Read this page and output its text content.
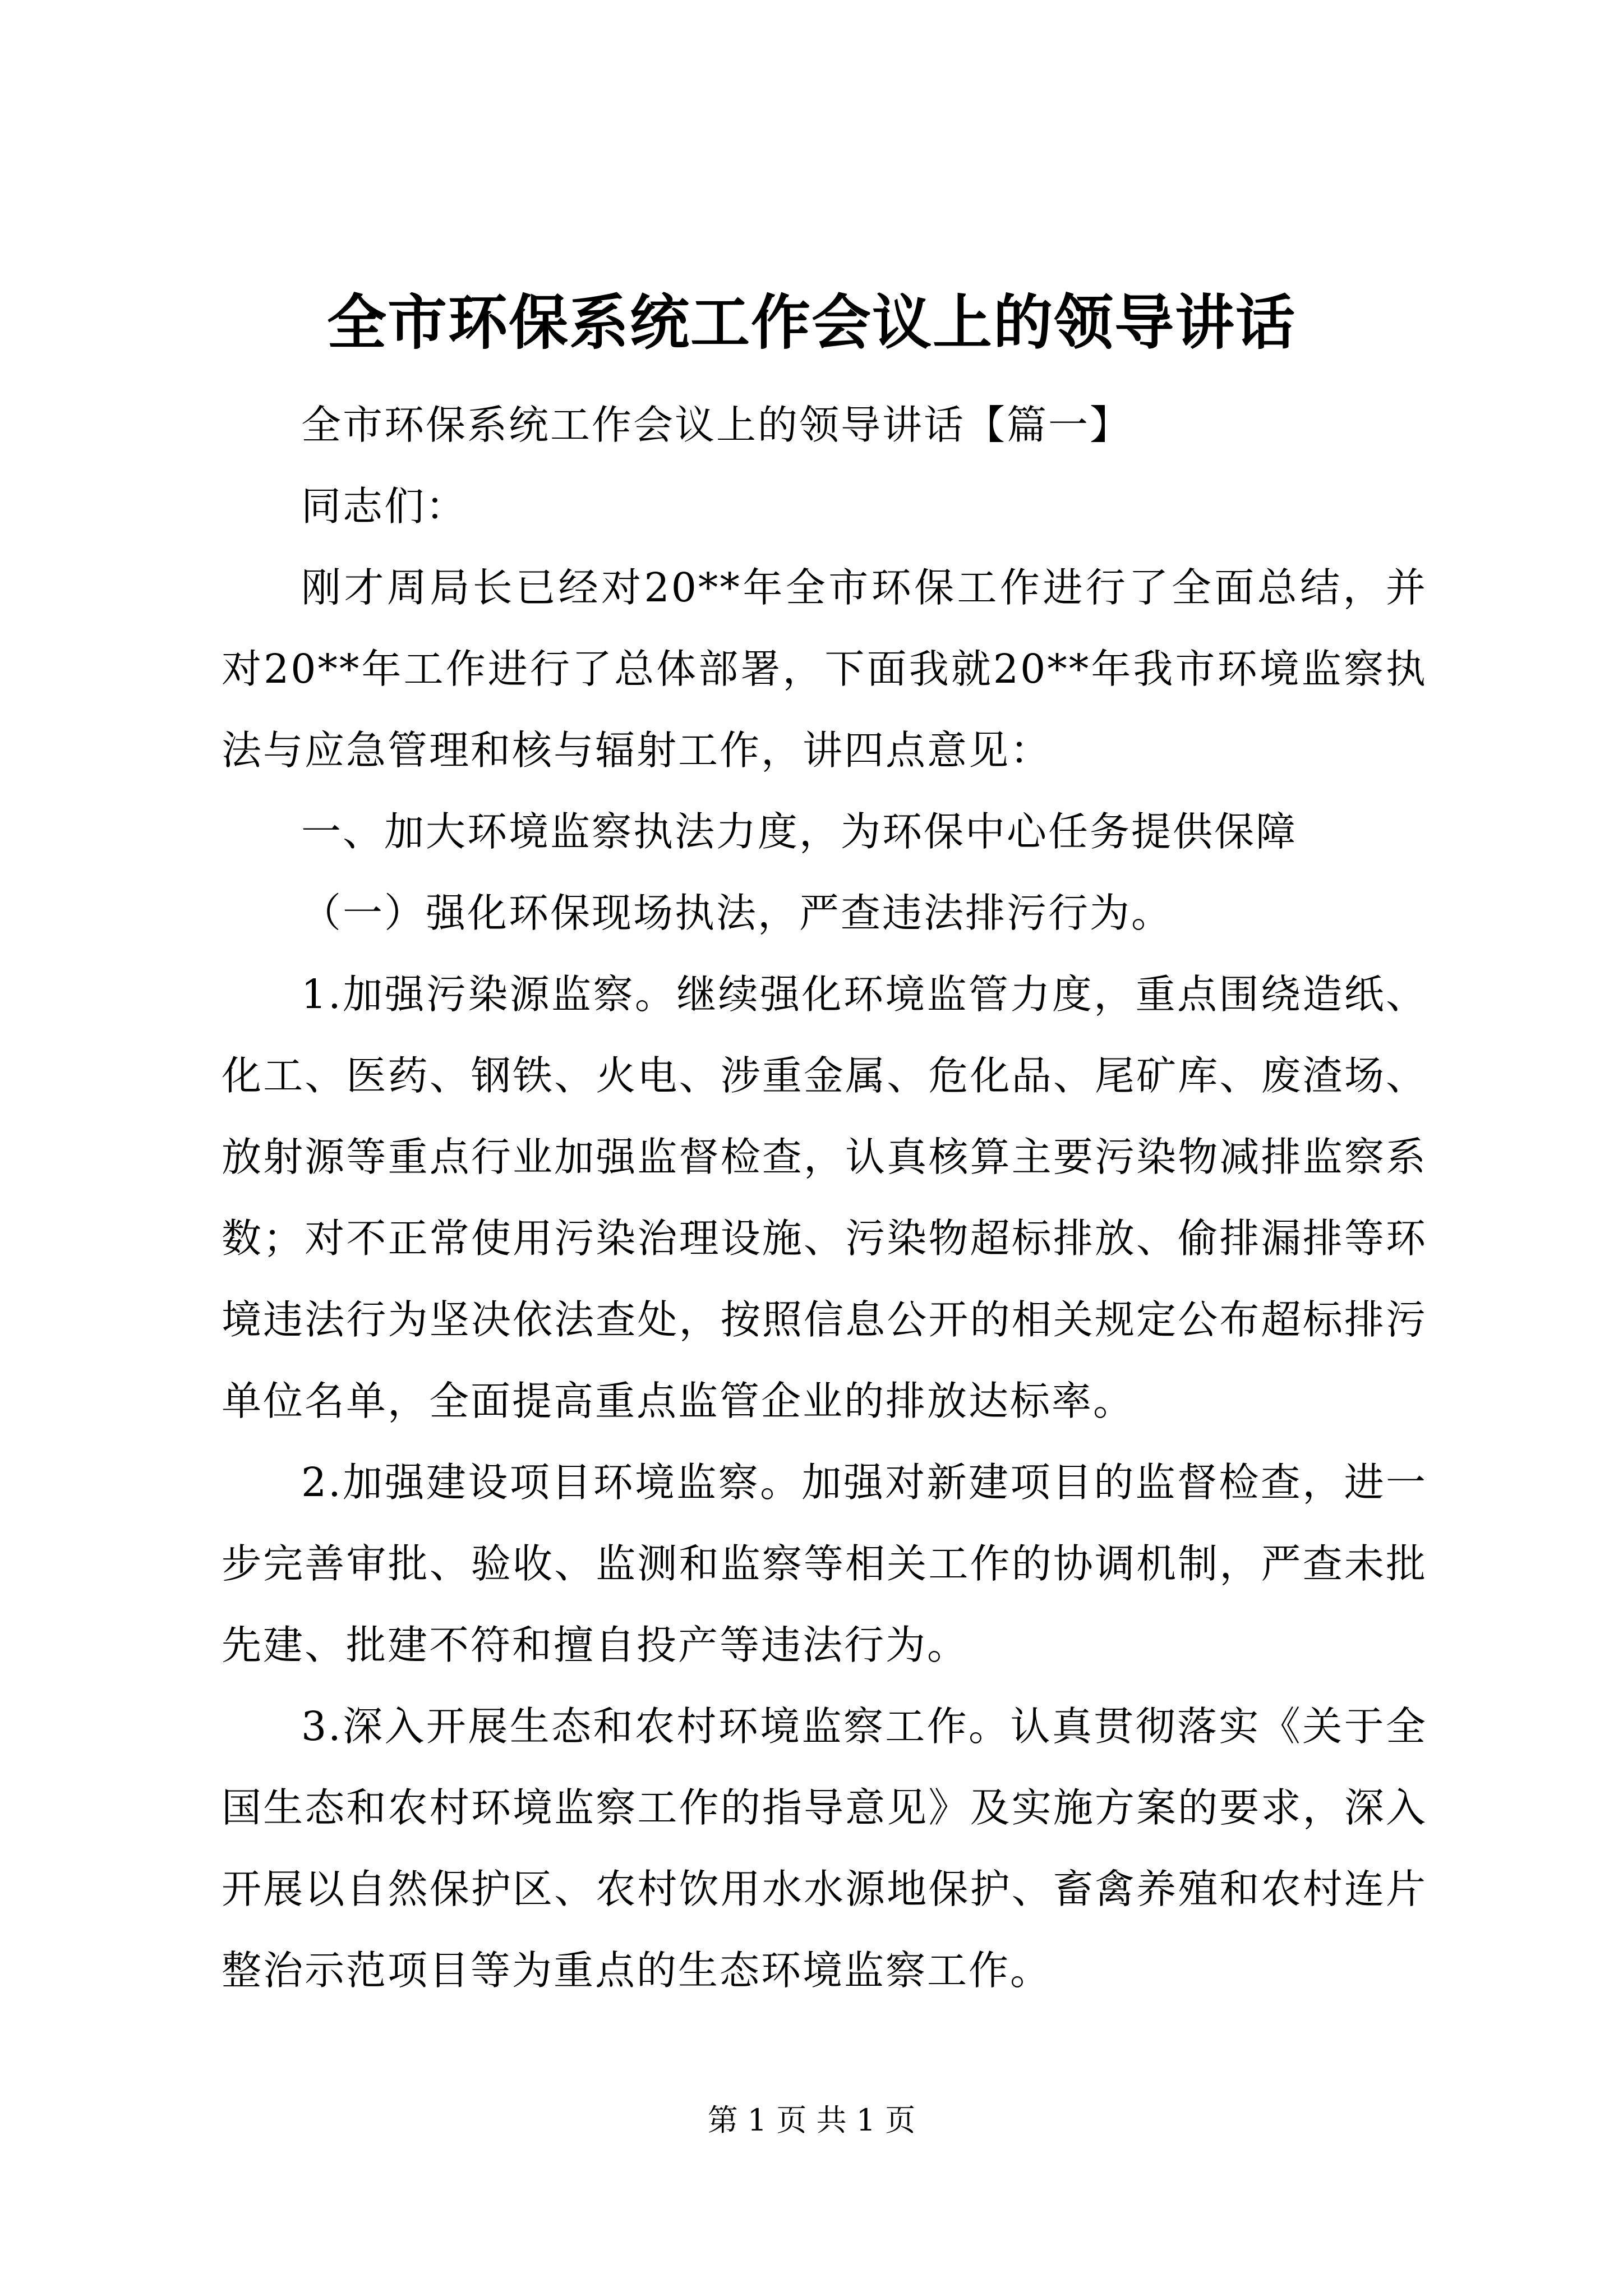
全市环保系统工作会议上的领导讲话

全市环保系统工作会议上的领导讲话【篇一】

同志们：

刚才周局长已经对20**年全市环保工作进行了全面总结，并对20**年工作进行了总体部署，下面我就20**年我市环境监察执法与应急管理和核与辐射工作，讲四点意见：

一、加大环境监察执法力度，为环保中心任务提供保障

（一）强化环保现场执法，严查违法排污行为。

1.加强污染源监察。继续强化环境监管力度，重点围绕造纸、化工、医药、钢铁、火电、涉重金属、危化品、尾矿库、废渣场、放射源等重点行业加强监督检查，认真核算主要污染物减排监察系数；对不正常使用污染治理设施、污染物超标排放、偷排漏排等环境违法行为坚决依法查处，按照信息公开的相关规定公布超标排污单位名单，全面提高重点监管企业的排放达标率。

2.加强建设项目环境监察。加强对新建项目的监督检查，进一步完善审批、验收、监测和监察等相关工作的协调机制，严查未批先建、批建不符和擅自投产等违法行为。

3.深入开展生态和农村环境监察工作。认真贯彻落实《关于全国生态和农村环境监察工作的指导意见》及实施方案的要求，深入开展以自然保护区、农村饮用水水源地保护、畜禽养殖和农村连片整治示范项目等为重点的生态环境监察工作。

第 1 页 共 1 页
